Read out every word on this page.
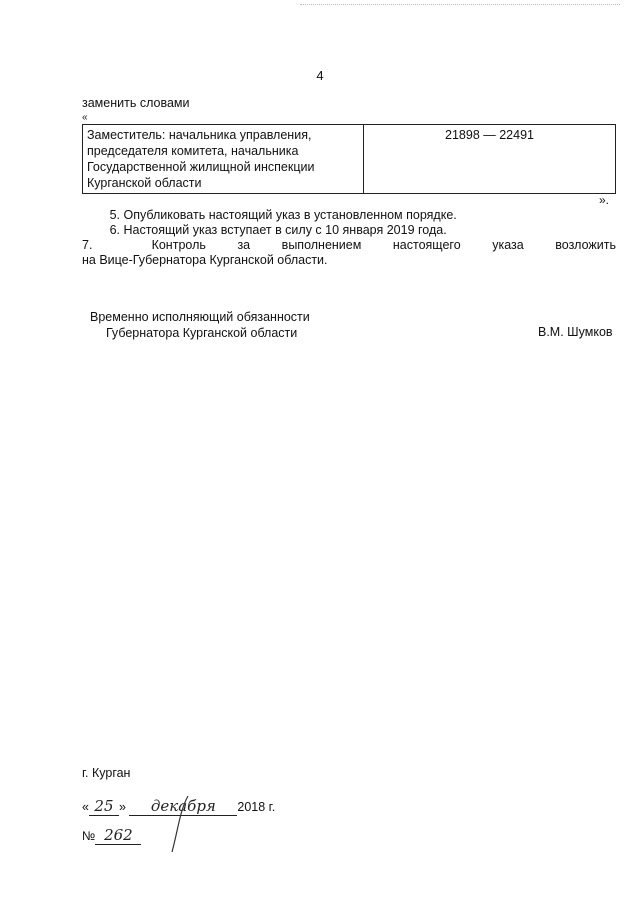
4
заменить словами
«
Заместитель: начальника управления, председателя комитета, начальника Государственной жилищной инспекции Курганской области	21898 — 22491
».
5. Опубликовать настоящий указ в установленном порядке.
6. Настоящий указ вступает в силу с 10 января 2019 года.
7.	Контроль за выполнением настоящего указа возложить
на Вице-Губернатора Курганской области.
Временно исполняющий обязанности
Губернатора Курганской области	В.М. Шумков
г. Курган
« 25 » декабря 2018 г.
№ 262
